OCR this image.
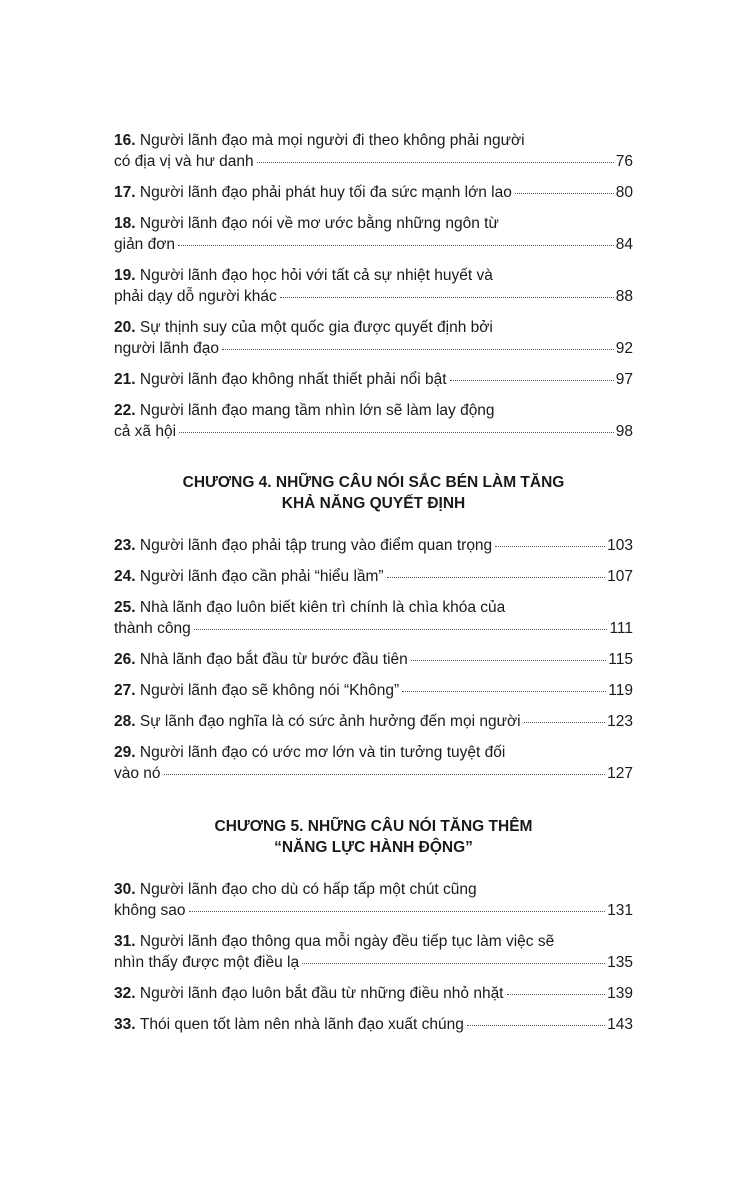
16. Người lãnh đạo mà mọi người đi theo không phải người
có địa vị và hư danh	76
17.
Người lãnh đạo phải phát huy tối đa sức mạnh lớn lao	80
18. Người lãnh đạo nói về mơ ước bằng những ngôn từ
giản đơn	84
19. Người lãnh đạo học hỏi với tất cả sự nhiệt huyết và
phải dạy dỗ người khác	88
20. Sự thịnh suy của một quốc gia được quyết định bởi
người lãnh đạo	92
21.
Người lãnh đạo không nhất thiết phải nổi bật	97
22. Người lãnh đạo mang tầm nhìn lớn sẽ làm lay động
cả xã hội	98
CHƯƠNG 4. NHỮNG CÂU NÓI SẮC BÉN LÀM TĂNG
KHẢ NĂNG QUYẾT ĐỊNH
23.
Người lãnh đạo phải tập trung vào điểm quan trọng	103
24.
Người lãnh đạo cần phải “hiểu lầm”	107
25. Nhà lãnh đạo luôn biết kiên trì chính là chìa khóa của
thành công	111
26.
Nhà lãnh đạo bắt đầu từ bước đầu tiên	115
27.
Người lãnh đạo sẽ không nói “Không”	119
28.
Sự lãnh đạo nghĩa là có sức ảnh hưởng đến mọi người	123
29. Người lãnh đạo có ước mơ lớn và tin tưởng tuyệt đối
vào nó	127
CHƯƠNG 5. NHỮNG CÂU NÓI TĂNG THÊM
“NĂNG LỰC HÀNH ĐỘNG”
30. Người lãnh đạo cho dù có hấp tấp một chút cũng
không sao	131
31. Người lãnh đạo thông qua mỗi ngày đều tiếp tục làm việc sẽ
nhìn thấy được một điều lạ	135
32.
Người lãnh đạo luôn bắt đầu từ những điều nhỏ nhặt	139
33.
Thói quen tốt làm nên nhà lãnh đạo xuất chúng	143
